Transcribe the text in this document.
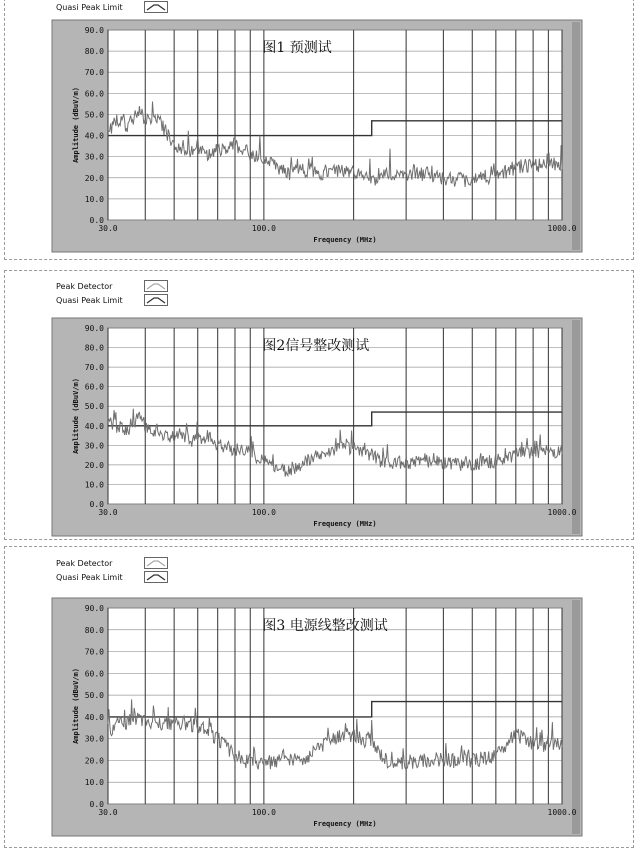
Quasi Peak Limit
Peak Detector
Quasi Peak Limit
Peak Detector
Quasi Peak Limit
0.0
10.0
20.0
30.0
40.0
50.0
60.0
70.0
80.0
90.0
30.0	100.0	1000.0
Frequency (MHz)
Amplitude (dBuV/m)
图1 预测试
0.0
10.0
20.0
30.0
40.0
50.0
60.0
70.0
80.0
90.0
30.0	100.0	1000.0
Frequency (MHz)
Amplitude (dBuV/m)
图2信号整改测试
0.0
10.0
20.0
30.0
40.0
50.0
60.0
70.0
80.0
90.0
30.0	100.0	1000.0
Frequency (MHz)
Amplitude (dBuV/m)
图3 电源线整改测试
